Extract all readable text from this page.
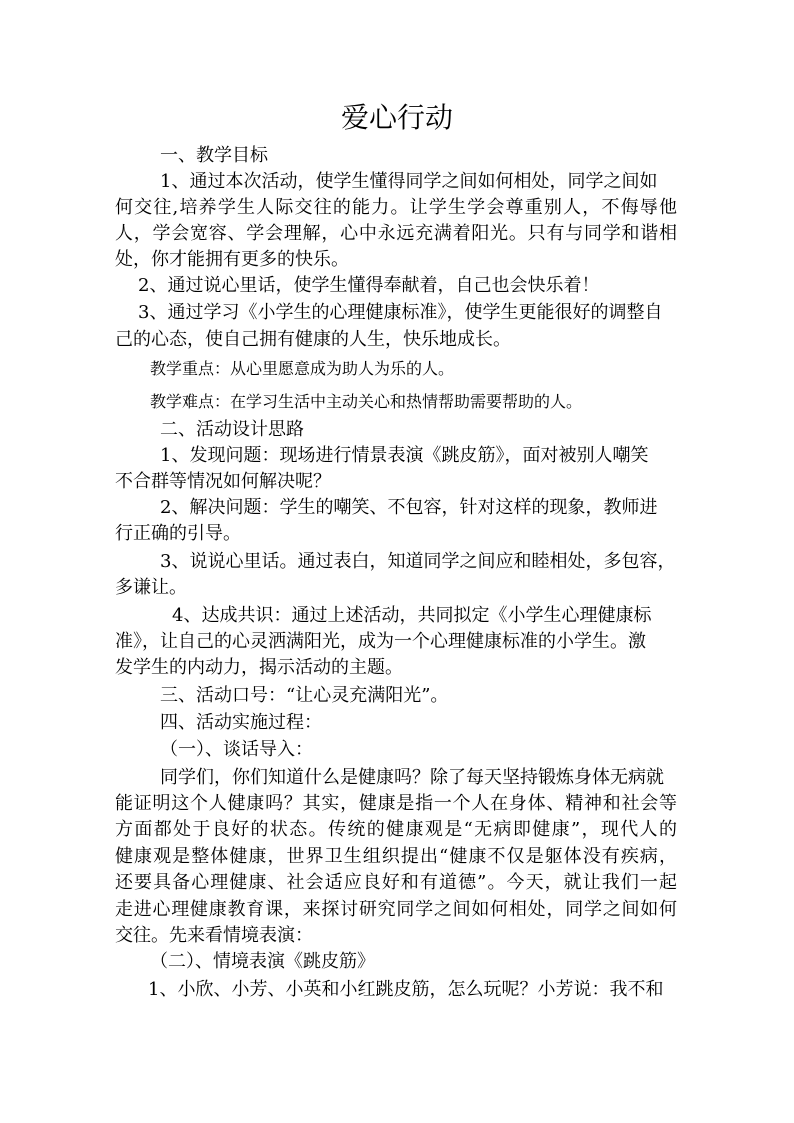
爱心行动
一、教学目标
1、通过本次活动，使学生懂得同学之间如何相处，同学之间如
何交往,培养学生人际交往的能力。让学生学会尊重别人，不侮辱他
人，学会宽容、学会理解，心中永远充满着阳光。只有与同学和谐相
处，你才能拥有更多的快乐。
2、通过说心里话，使学生懂得奉献着，自己也会快乐着！
3、通过学习《小学生的心理健康标准》，使学生更能很好的调整自
己的心态，使自己拥有健康的人生，快乐地成长。
教学重点：从心里愿意成为助人为乐的人。
教学难点：在学习生活中主动关心和热情帮助需要帮助的人。
二、活动设计思路
1、发现问题：现场进行情景表演《跳皮筋》，面对被别人嘲笑
不合群等情况如何解决呢？
2、解决问题：学生的嘲笑、不包容，针对这样的现象，教师进
行正确的引导。
3、说说心里话。通过表白，知道同学之间应和睦相处，多包容，
多谦让。
4、达成共识：通过上述活动，共同拟定《小学生心理健康标
准》，让自己的心灵洒满阳光，成为一个心理健康标准的小学生。激
发学生的内动力，揭示活动的主题。
三、活动口号：“让心灵充满阳光”。
四、活动实施过程：
（一）、谈话导入：
同学们，你们知道什么是健康吗？除了每天坚持锻炼身体无病就
能证明这个人健康吗？其实，健康是指一个人在身体、精神和社会等
方面都处于良好的状态。传统的健康观是“无病即健康”，现代人的
健康观是整体健康，世界卫生组织提出“健康不仅是躯体没有疾病，
还要具备心理健康、社会适应良好和有道德”。今天，就让我们一起
走进心理健康教育课，来探讨研究同学之间如何相处，同学之间如何
交往。先来看情境表演：
（二）、情境表演《跳皮筋》
1、小欣、小芳、小英和小红跳皮筋，怎么玩呢？小芳说：我不和
